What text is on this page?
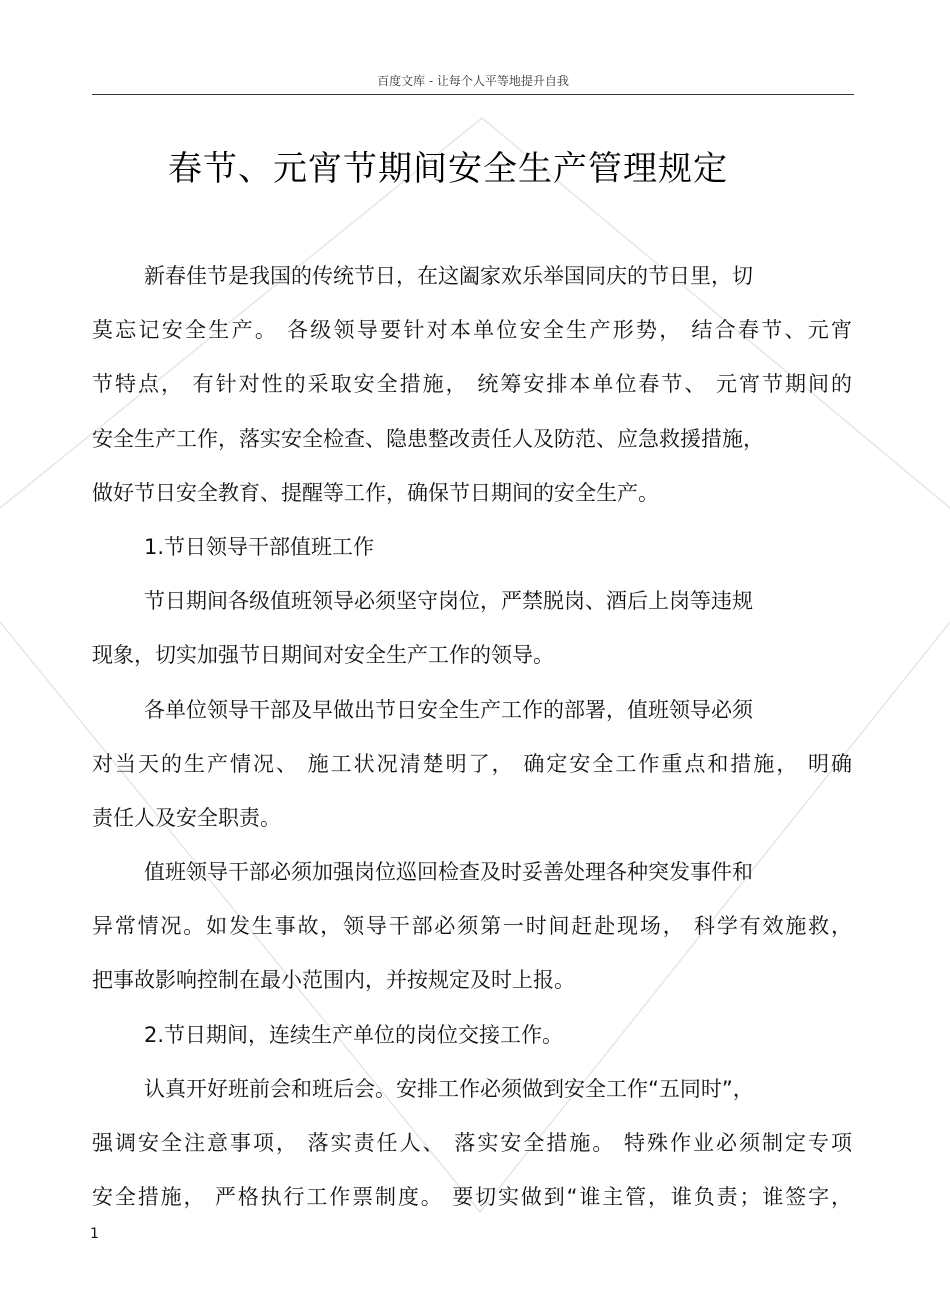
百度文库 - 让每个人平等地提升自我
春节、元宵节期间安全生产管理规定
新春佳节是我国的传统节日，在这阖家欢乐举国同庆的节日里，切
莫忘记安全生产。 各级领导要针对本单位安全生产形势， 结合春节、元宵
节特点， 有针对性的采取安全措施， 统筹安排本单位春节、 元宵节期间的
安全生产工作，落实安全检查、隐患整改责任人及防范、应急救援措施，
做好节日安全教育、提醒等工作，确保节日期间的安全生产。
1.节日领导干部值班工作
节日期间各级值班领导必须坚守岗位，严禁脱岗、酒后上岗等违规
现象，切实加强节日期间对安全生产工作的领导。
各单位领导干部及早做出节日安全生产工作的部署，值班领导必须
对当天的生产情况、 施工状况清楚明了， 确定安全工作重点和措施， 明确
责任人及安全职责。
值班领导干部必须加强岗位巡回检查及时妥善处理各种突发事件和
异常情况。如发生事故，领导干部必须第一时间赶赴现场， 科学有效施救，
把事故影响控制在最小范围内，并按规定及时上报。
2.节日期间，连续生产单位的岗位交接工作。
认真开好班前会和班后会。安排工作必须做到安全工作“五同时”，
强调安全注意事项， 落实责任人、 落实安全措施。 特殊作业必须制定专项
安全措施， 严格执行工作票制度。 要切实做到“谁主管，谁负责；谁签字，
1
